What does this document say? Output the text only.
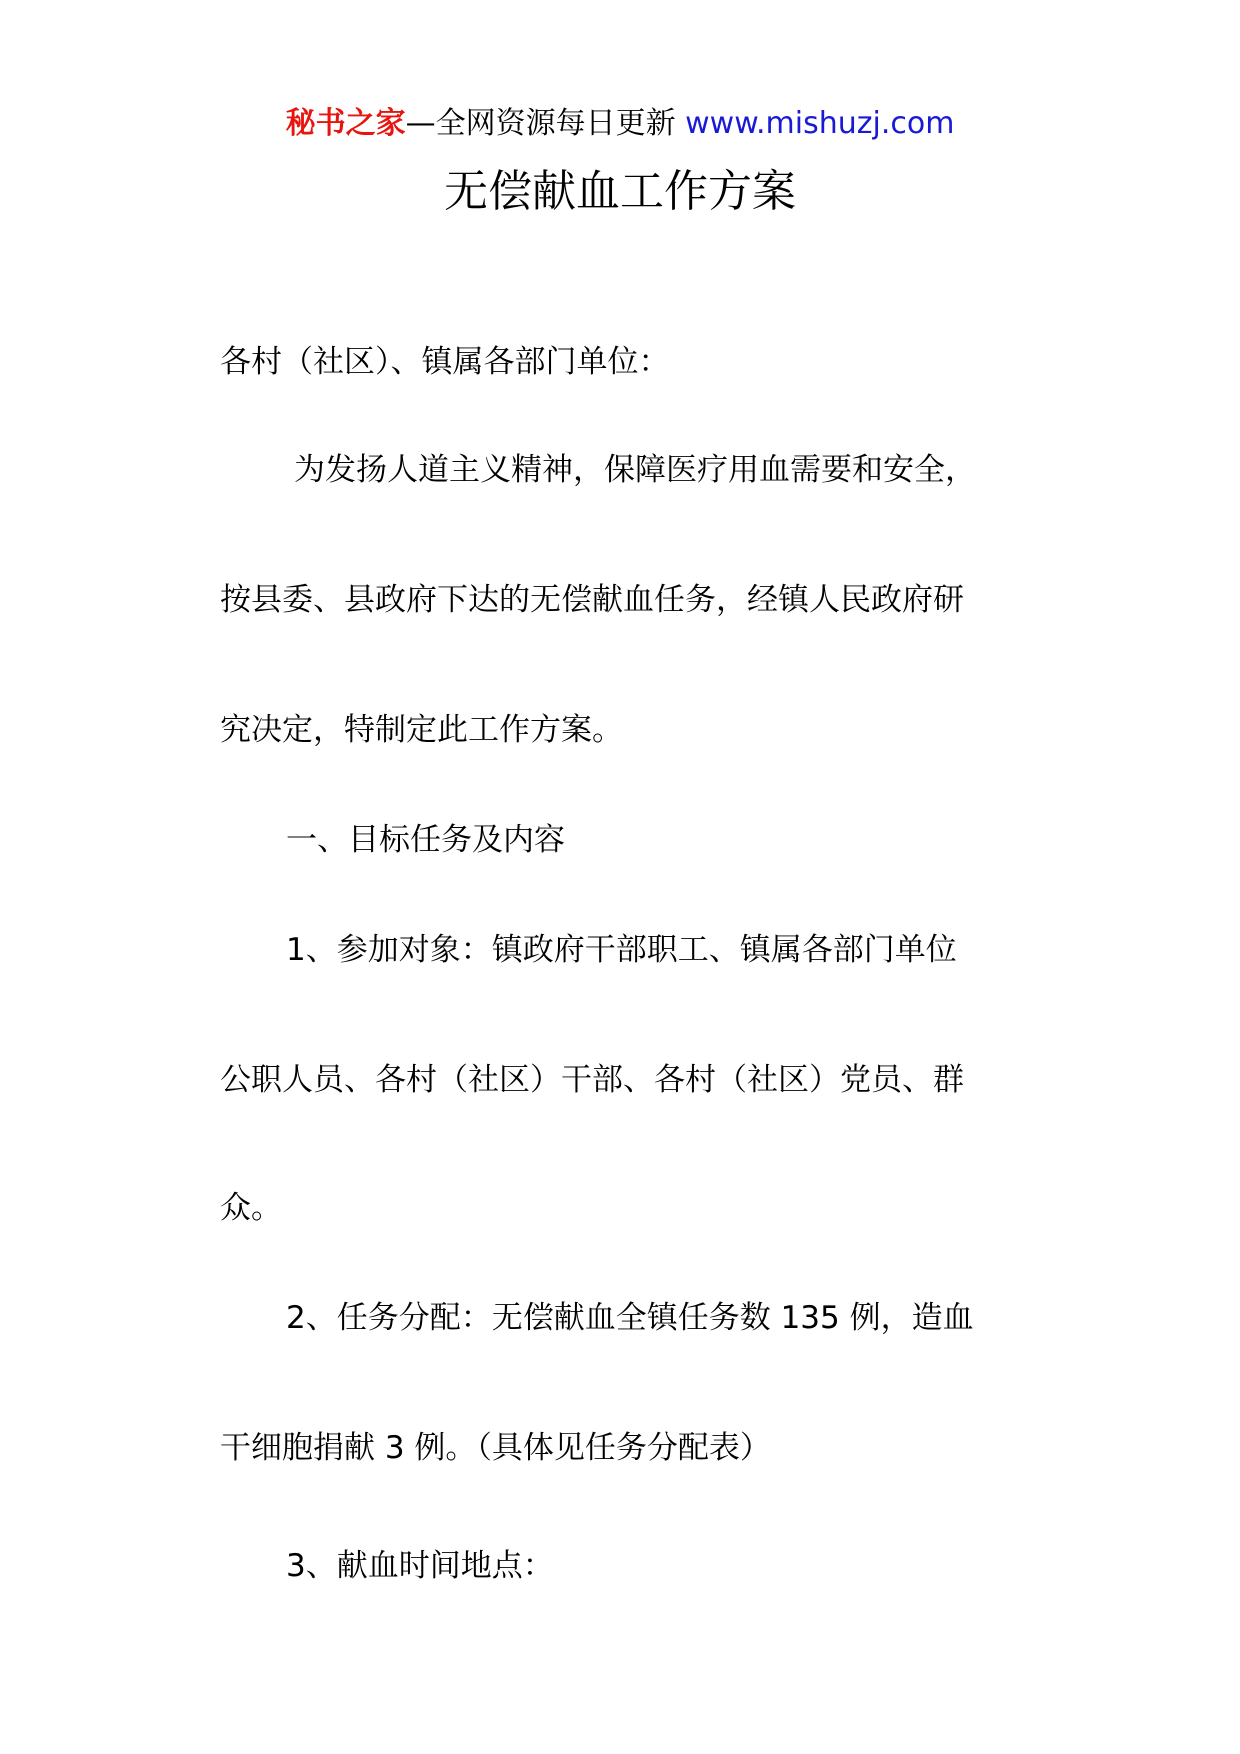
秘书之家—全网资源每日更新 www.mishuzj.com
无偿献血工作方案
各村（社区）、镇属各部门单位：
为发扬人道主义精神，保障医疗用血需要和安全，
按县委、县政府下达的无偿献血任务，经镇人民政府研
究决定，特制定此工作方案。
一、目标任务及内容
1、参加对象：镇政府干部职工、镇属各部门单位
公职人员、各村（社区）干部、各村（社区）党员、群
众。
2、任务分配：无偿献血全镇任务数 135 例，造血
干细胞捐献 3 例。（具体见任务分配表）
3、献血时间地点：
